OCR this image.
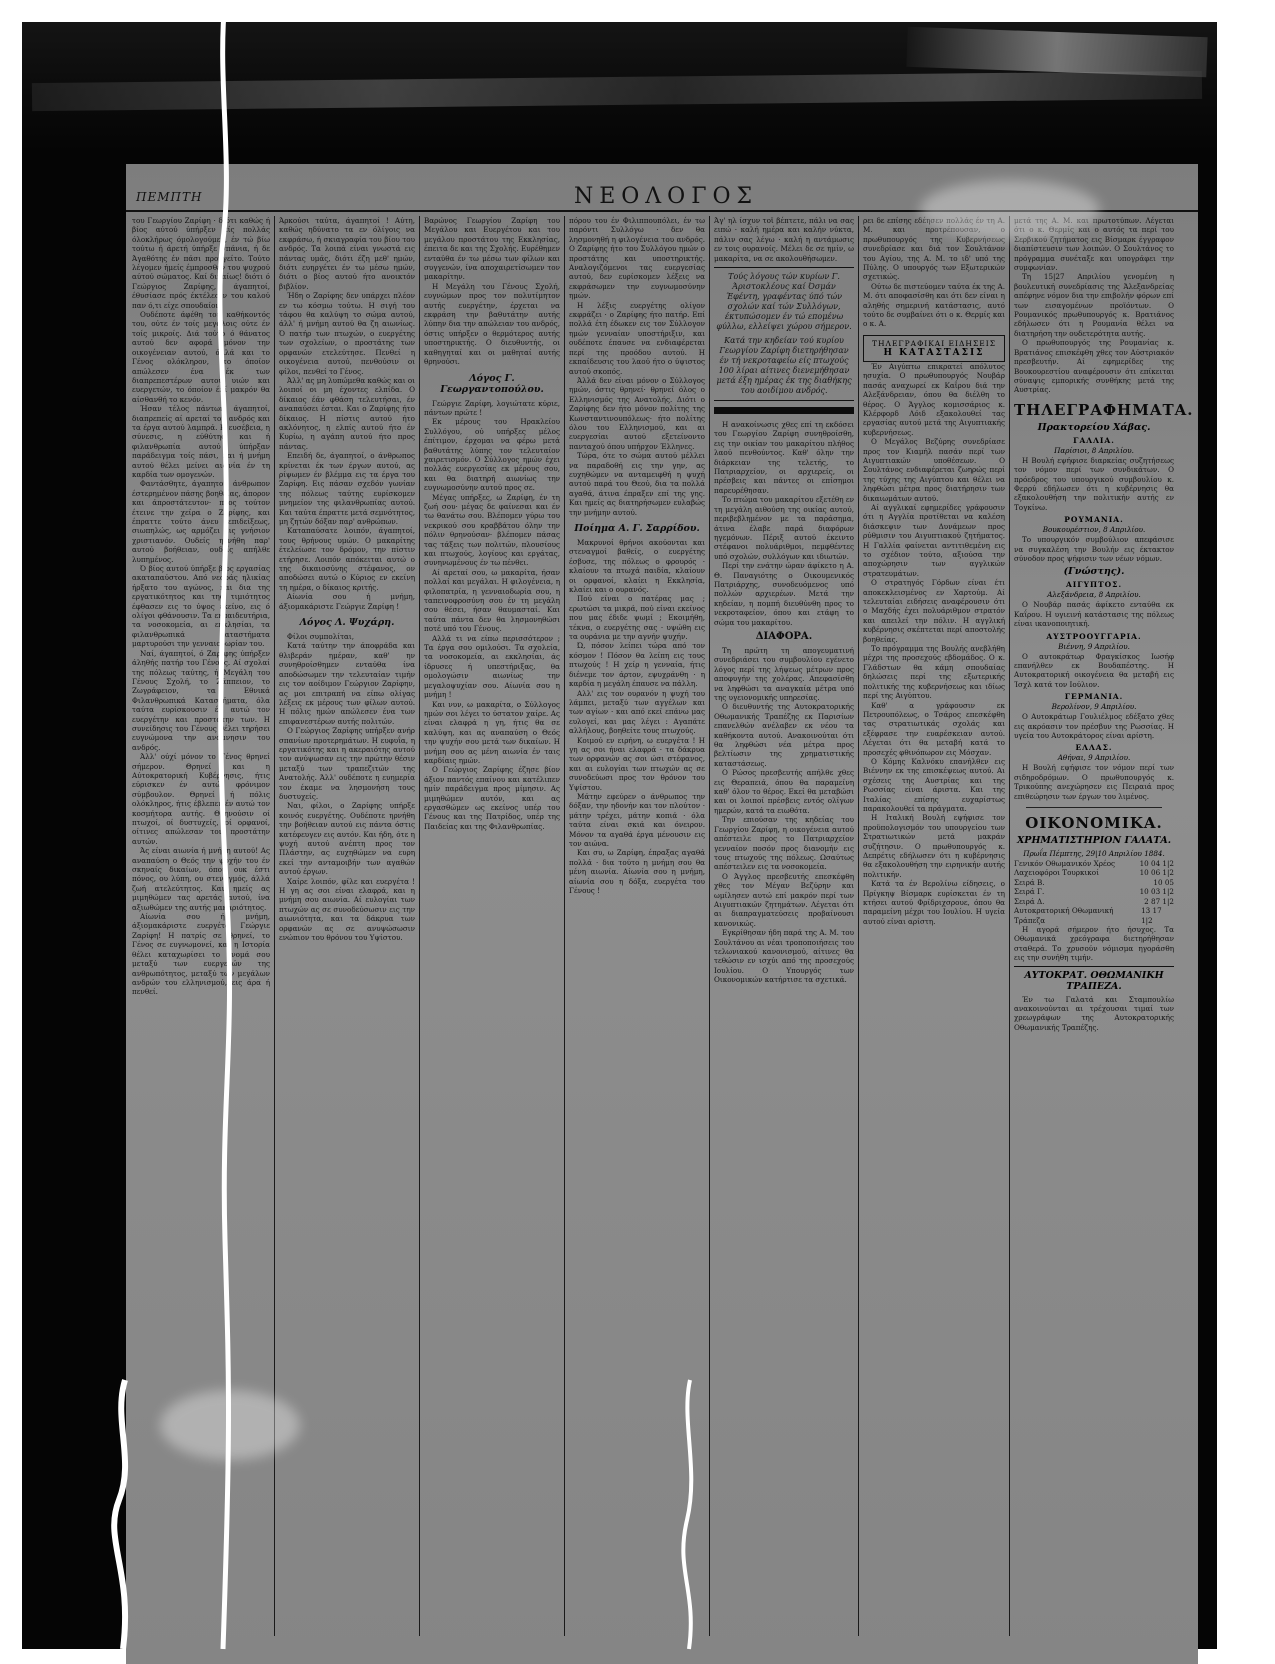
ΠΕΜΠΤΗ	ΝΕΟΛΟΓΟΣ

του Γεωργίου Ζαρίφη · διότι καθώς ή βίος αύτού ύπήρξεν είς πολλάς όλοκλήρως όμολογούμεν, έν τώ βίω τούτω ή άρετή ύπήρξε σπάνια, ή δε Άγαθότης έν πάσι προηγείτο. Τούτο λέγομεν ήμείς έμπροσθεν του ψυχρού αύτού σώματος. Καί δικαίως! διότι ό Γεώργιος Ζαρίφης, άγαπητοί, έθυσίασε πρός έκτέλεσιν του καλού παν ό,τι είχε σπουδαίον.

Ουδέποτε άφέθη τού καθήκοντός του, ούτε έν τοίς μεγάλοις ούτε έν τοίς μικροίς. Διά τούτο ό θάνατος αυτού δεν αφορά μόνον την οικογένειαν αυτού, άλλά και το Γένος ολόκληρον, το όποίον απώλεσεν ένα έκ των διαπρεπεστέρων αυτού υιών και ευεργετών, το όποίον έπί μακρόν θα αίσθανθή το κενόν.

Ήσαν τέλος πάντων, άγαπητοί, διαπρεπείς αί αρεταί του ανδρός και τα έργα αυτού λαμπρά. Η ευσέβεια, η σύνεσις, η εύθύτης και ή φιλανθρωπία αυτού ύπήρξαν παράδειγμα τοίς πάσι, και ή μνήμη αυτού θέλει μείνει αιωνία έν τη καρδία των ομογενών.

Φαντάσθητε, άγαπητοί, άνθρωπον έστερημένον πάσης βοηθείας, άπορον και άπροστάτευτον· προς τούτον έτεινε την χείρα ο Ζαρίφης, και έπραττε τούτο άνευ επιδείξεως, σιωπηλώς, ως αρμόζει εις γνήσιον χριστιανόν. Ουδείς ηρνήθη παρ' αυτού βοήθειαν, ουδείς απήλθε λυπημένος.

Ό βίος αυτού ύπήρξε βίος εργασίας ακαταπαύστου. Από νεαράς ηλικίας ήρξατο του αγώνος, και δια της εργατικότητος και της τιμιότητος έφθασεν εις το ύψος εκείνο, εις ό ολίγοι φθάνουσιν. Τα εκπαιδευτήρια, τα νοσοκομεία, αι εκκλησίαι, τα φιλανθρωπικά καταστήματα μαρτυρούσι την γενναιοδωρίαν του.

Ναί, άγαπητοί, ό Ζαρίφης ύπήρξεν άληθής πατήρ του Γένους. Αί σχολαί της πόλεως ταύτης, ή Μεγάλη του Γένους Σχολή, το Ζάππειον, το Ζωγράφειον, τα Εθνικά Φιλανθρωπικά Καταστήματα, όλα ταύτα ευρίσκουσιν έν αυτώ τον ευεργέτην και προστάτην των. Η συνείδησις του Γένους θέλει τηρήσει ευγνώμονα την ανάμνησιν του ανδρός.

Άλλ' ούχί μόνον το Γένος θρηνεί σήμερον. Θρηνεί και η Αύτοκρατορική Κυβέρνησις, ήτις εύρισκεν έν αυτώ φρόνιμον σύμβουλον. Θρηνεί ή πόλις ολόκληρος, ήτις έβλεπεν έν αυτώ τον κοσμήτορα αυτής. Θρηνούσιν οί πτωχοί, οί δυστυχείς, οί ορφανοί, οίτινες απώλεσαν τον προστάτην αυτών.

Άς είναι αιωνία ή μνήμη αυτού! Ας αναπαύση ο Θεός την ψυχήν του έν σκηναίς δικαίων, όπου ουκ έστι πόνος, ου λύπη, ου στεναγμός, άλλά ζωή ατελεύτητος. Και ημείς ας μιμηθώμεν τας αρετάς αυτού, ίνα αξιωθώμεν της αυτής μακαριότητος.

Αίωνία σου ή μνήμη, άξιομακάριστε ευεργέτα Γεώργιε Ζαρίφη! Η πατρίς σε θρηνεί, το Γένος σε ευγνωμονεί, και η Ιστορία θέλει καταχωρίσει το όνομά σου μεταξύ των ευεργετών της ανθρωπότητος, μεταξύ των μεγάλων ανδρών του ελληνισμού, εις άρα ή πενθεί.

Άρκούσι ταύτα, άγαπητοί ! Αύτη, καθώς ηδύνατο τα εν όλίγοις να εκφράσω, ή σκιαγραφία του βίου του ανδρός. Τα λοιπά είναι γνωστά εις πάντας υμάς, διότι έζη μεθ' ημών, διότι ευηργέτει έν τω μέσω ημών, διότι ο βίος αυτού ήτο ανοικτόν βιβλίον.

Ήδη ο Ζαρίφης δεν υπάρχει πλέον εν τω κόσμω τούτω. Η σιγή του τάφου θα καλύψη το σώμα αυτού, άλλ' ή μνήμη αυτού θα ζη αιωνίως. Ό πατήρ των πτωχών, ο ευεργέτης των σχολείων, ο προστάτης των ορφανών ετελεύτησε. Πενθεί η οικογένεια αυτού, πενθούσιν οι φίλοι, πενθεί το Γένος.

Άλλ' ας μη λυπώμεθα καθώς και οι λοιποί οι μη έχοντες ελπίδα. Ο δίκαιος έάν φθάση τελευτήσαι, έν αναπαύσει έσται. Και ο Ζαρίφης ήτο δίκαιος. Η πίστις αυτού ήτο ακλόνητος, η ελπίς αυτού ήτο έν Κυρίω, η αγάπη αυτού ήτο προς πάντας.

Επειδή δε, άγαπητοί, ο άνθρωπος κρίνεται έκ των έργων αυτού, ας ρίψωμεν έν βλέμμα εις τα έργα του Ζαρίφη. Εις πάσαν σχεδόν γωνίαν της πόλεως ταύτης ευρίσκομεν μνημείον της φιλανθρωπίας αυτού. Και ταύτα έπραττε μετά σεμνότητος, μη ζητών δόξαν παρ' ανθρώπων.

Καταπαύσατε λοιπόν, άγαπητοί, τους θρήνους υμών. Ο μακαρίτης έτελείωσε τον δρόμον, την πίστιν ετήρησε. Λοιπόν απόκειται αυτώ ο της δικαιοσύνης στέφανος, ον αποδώσει αυτώ ο Κύριος εν εκείνη τη ημέρα, ο δίκαιος κριτής.

Αίωνία σου ή μνήμη, άξιομακάριστε Γεώργιε Ζαρίφη !

Λόγος Λ. Ψυχάρη.

Φίλοι συμπολίται,

Κατά ταύτην την άποφράδα και θλιβεράν ημέραν, καθ' ην συνηθροίσθημεν ενταύθα ίνα αποδώσωμεν την τελευταίαν τιμήν εις τον αοίδιμον Γεώργιον Ζαρίφην, ας μοι επιτραπή να είπω ολίγας λέξεις εκ μέρους των φίλων αυτού. Η πόλις ημών απώλεσεν ένα των επιφανεστέρων αυτής πολιτών.

Ο Γεώργιος Ζαρίφης υπήρξεν ανήρ σπανίων προτερημάτων. Η ευφυΐα, η εργατικότης και η ακεραιότης αυτού τον ανύψωσαν εις την πρώτην θέσιν μεταξύ των τραπεζιτών της Ανατολής. Άλλ' ουδέποτε η ευημερία τον έκαμε να λησμονήση τους δυστυχείς.

Ναι, φίλοι, ο Ζαρίφης υπήρξε κοινός ευεργέτης. Ουδέποτε ηρνήθη την βοήθειαν αυτού εις πάντα όστις κατέφευγεν εις αυτόν. Και ήδη, ότε η ψυχή αυτού ανέπτη προς τον Πλάστην, ας ευχηθώμεν να ευρη εκεί την ανταμοιβήν των αγαθών αυτού έργων.

Χαίρε λοιπόν, φίλε και ευεργέτα ! Η γη ας σοι είναι ελαφρά, και η μνήμη σου αιωνία. Αί ευλογίαι των πτωχών ας σε συνοδεύσωσιν εις την αιωνιότητα, και τα δάκρυα των ορφανών ας σε ανυψώσωσιν ενώπιον του θρόνου του Υψίστου.

Βαρώνος Γεωργίου Ζαρίφη του Μεγάλου και Ευεργέτου και του μεγάλου προστάτου της Εκκλησίας, έπειτα δε και της Σχολής. Ευρέθημεν ενταύθα έν τω μέσω των φίλων και συγγενών, ίνα αποχαιρετίσωμεν τον μακαρίτην.

Η Μεγάλη του Γένους Σχολή, ευγνώμων προς τον πολυτίμητον αυτής ευεργέτην, έρχεται να εκφράση την βαθυτάτην αυτής λύπην δια την απώλειαν του ανδρός, όστις υπήρξεν ο θερμότερος αυτής υποστηρικτής. Ο διευθυντής, οι καθηγηταί και οι μαθηταί αυτής θρηνούσι.

Λόγος Γ. Γεωργαντοπούλου.

Γεώργιε Ζαρίφη, λογιώτατε κύριε, πάντων πρώτε !

Εκ μέρους του Ηρακλείου Συλλόγου, ού υπήρξες μέλος έπίτιμον, έρχομαι να φέρω μετά βαθυτάτης λύπης τον τελευταίον χαιρετισμόν. Ο Σύλλογος ημών έχει πολλάς ευεργεσίας εκ μέρους σου, και θα διατηρή αιωνίως την ευγνωμοσύνην αυτού προς σε.

Μέγας υπήρξες, ω Ζαρίφη, έν τη ζωή σου· μέγας δε φαίνεσαι και έν τω θανάτω σου. Βλέπομεν γύρω του νεκρικού σου κραββάτου όλην την πόλιν θρηνούσαν· βλέπομεν πάσας τας τάξεις των πολιτών, πλουσίους και πτωχούς, λογίους και εργάτας, συνηνωμένους έν τω πένθει.

Αί αρεταί σου, ω μακαρίτα, ήσαν πολλαί και μεγάλαι. Η φιλογένεια, η φιλοπατρία, η γενναιοδωρία σου, η ταπεινοφροσύνη σου έν τη μεγάλη σου θέσει, ήσαν θαυμασταί. Και ταύτα πάντα δεν θα λησμονηθώσι ποτέ υπό του Γένους.

Αλλά τι να είπω περισσότερον ; Τα έργα σου ομιλούσι. Τα σχολεία, τα νοσοκομεία, αι εκκλησίαι, άς ίδρυσες ή υπεστήριξας, θα ομολογώσιν αιωνίως την μεγαλοψυχίαν σου. Αίωνία σου η μνήμη !

Και νυν, ω μακαρίτα, ο Σύλλογος ημών σοι λέγει το ύστατον χαίρε. Ας είναι ελαφρά η γη, ήτις θα σε καλύψη, και ας αναπαύση ο Θεός την ψυχήν σου μετά των δικαίων. Η μνήμη σου ας μένη αιωνία έν ταις καρδίαις ημών.

Ο Γεώργιος Ζαρίφης έζησε βίον άξιον παντός επαίνου και κατέλιπεν ημίν παράδειγμα προς μίμησιν. Ας μιμηθώμεν αυτόν, και ας εργασθώμεν ως εκείνος υπέρ του Γένους και της Πατρίδος, υπέρ της Παιδείας και της Φιλανθρωπίας.

πόρου του έν Φιλιππουπόλει, έν τω παρόντι Συλλόγω · δεν θα λησμονηθή η φιλογένεια του ανδρός. Ο Ζαρίφης ήτο του Συλλόγου ημών ο προστάτης και υποστηρικτής. Αναλογιζόμενοι τας ευεργεσίας αυτού, δεν ευρίσκομεν λέξεις να εκφράσωμεν την ευγνωμοσύνην ημών.

Η λέξις ευεργέτης ολίγον εκφράζει · ο Ζαρίφης ήτο πατήρ. Επί πολλά έτη έδωκεν εις τον Σύλλογον ημών γενναίαν υποστήριξιν, και ουδέποτε έπαυσε να ενδιαφέρεται περί της προόδου αυτού. Η εκπαίδευσις του λαού ήτο ο ύψιστος αυτού σκοπός.

Άλλά δεν είναι μόνον ο Σύλλογος ημών, όστις θρηνεί· θρηνεί όλος ο Ελληνισμός της Ανατολής. Διότι ο Ζαρίφης δεν ήτο μόνον πολίτης της Κωνσταντινουπόλεως· ήτο πολίτης όλου του Ελληνισμού, και αι ευεργεσίαι αυτού εξετείνοντο πανταχού όπου υπήρχον Έλληνες.

Τώρα, ότε το σώμα αυτού μέλλει να παραδοθή εις την γην, ας ευχηθώμεν να ανταμειφθή η ψυχή αυτού παρά του Θεού, δια τα πολλά αγαθά, άτινα έπραξεν επί της γης. Και ημείς ας διατηρήσωμεν ευλαβώς την μνήμην αυτού.

Ποίημα Α. Γ. Σαρρίδου.

Μακρυνοί θρήνοι ακούονται και στεναγμοί βαθείς, ο ευεργέτης έσβυσε, της πόλεως ο φρουρός · κλαίουν τα πτωχά παιδία, κλαίουν οι ορφανοί, κλαίει η Εκκλησία, κλαίει και ο ουρανός.

Πού είναι ο πατέρας μας ; ερωτώσι τα μικρά, πού είναι εκείνος που μας έδιδε ψωμί ; Εκοιμήθη, τέκνα, ο ευεργέτης σας · υψώθη εις τα ουράνια με την αγνήν ψυχήν.

Ώ, πόσον λείπει τώρα από τον κόσμον ! Πόσον θα λείπη εις τους πτωχούς ! Η χείρ η γενναία, ήτις διένεμε τον άρτον, εψυχράνθη · η καρδία η μεγάλη έπαυσε να πάλλη.

Αλλ' εις τον ουρανόν η ψυχή του λάμπει, μεταξύ των αγγέλων και των αγίων · και από εκεί επάνω μας ευλογεί, και μας λέγει : Αγαπάτε αλλήλους, βοηθείτε τους πτωχούς.

Κοιμού εν ειρήνη, ω ευεργέτα ! Η γη ας σοι ήναι ελαφρά · τα δάκρυα των ορφανών ας σοι ώσι στέφανος, και αι ευλογίαι των πτωχών ας σε συνοδεύωσι προς τον θρόνον του Υψίστου.

Μάτην εφεύρεν ο άνθρωπος την δόξαν, την ηδονήν και τον πλούτον · μάτην τρέχει, μάτην κοπιά · όλα ταύτα είναι σκιά και όνειρον. Μόνον τα αγαθά έργα μένουσιν εις τον αιώνα.

Και συ, ω Ζαρίφη, έπραξας αγαθά πολλά · δια τούτο η μνήμη σου θα μένη αιωνία. Αίωνία σου η μνήμη, αίωνία σου η δόξα, ευεργέτα του Γένους !

Άγ' ηλ ίσχυν τοϊ βέπτετε, πάλι να σας ειπώ · καλή ημέρα και καλήν νύκτα, πάλιν σας λέγω · καλή η αντάμωσις εν τοις ουρανοίς. Μέλει δε σε ημίν, ω μακαρίτα, να σε ακολουθήσωμεν.

Τούς λόγους τών κυρίων Γ. Άριστοκλέους καί Όσμάν Έφέντη, γραφέντας ύπό τών σχολών καί τών Συλλόγων, έκτυπώσομεν έν τώ επομένω φύλλω, ελλείψει χώρου σήμερον.

Κατά την κηδείαν τού κυρίου Γεωργίου Ζαρίφη διετηρήθησαν έν τή νεκροταφείω είς πτωχούς 100 λίραι αίτινες διενεμήθησαν μετά έξη ημέρας έκ της διαθήκης του αοιδίμου ανδρός.

Η ανακοίνωσις χθες επί τη εκδόσει του Γεωργίου Ζαρίφη συνηθροίσθη, εις την οικίαν του μακαρίτου πλήθος λαού πενθούντος. Καθ' όλην την διάρκειαν της τελετής, το Πατριαρχείον, οι αρχιερείς, οι πρέσβεις και πάντες οι επίσημοι παρευρέθησαν.

Το πτώμα του μακαρίτου εξετέθη εν τη μεγάλη αιθούση της οικίας αυτού, περιβεβλημένον με τα παράσημα, άτινα έλαβε παρά διαφόρων ηγεμόνων. Πέριξ αυτού έκειντο στέφανοι πολυάριθμοι, πεμφθέντες υπό σχολών, συλλόγων και ιδιωτών.

Περί την ενάτην ώραν άφίκετο η Α. Θ. Παναγιότης ο Οικουμενικός Πατριάρχης, συνοδευόμενος υπό πολλών αρχιερέων. Μετά την κηδείαν, η πομπή διευθύνθη προς το νεκροταφείον, όπου και ετάφη το σώμα του μακαρίτου.

ΔΙΑΦΟΡΑ.

Τη πρώτη τη απογευματινή συνεδριάσει του συμβουλίου εγένετο λόγος περί της λήψεως μέτρων προς αποφυγήν της χολέρας. Απεφασίσθη να ληφθώσι τα αναγκαία μέτρα υπό της υγειονομικής υπηρεσίας.

Ο διευθυντής της Αυτοκρατορικής Οθωμανικής Τραπέζης εκ Παρισίων επανελθών ανέλαβεν εκ νέου τα καθήκοντα αυτού. Ανακοινούται ότι θα ληφθώσι νέα μέτρα προς βελτίωσιν της χρηματιστικής καταστάσεως.

Ο Ρώσος πρεσβευτής απήλθε χθες εις Θεραπειά, όπου θα παραμείνη καθ' όλον το θέρος. Εκεί θα μεταβώσι και οι λοιποί πρέσβεις εντός ολίγων ημερών, κατά τα ειωθότα.

Την επιούσαν της κηδείας του Γεωργίου Ζαρίφη, η οικογένεια αυτού απέστειλε προς το Πατριαρχείον γενναίον ποσόν προς διανομήν εις τους πτωχούς της πόλεως. Ωσαύτως απέστειλεν εις τα νοσοκομεία.

Ο Άγγλος πρεσβευτής επεσκέφθη χθες τον Μέγαν Βεζύρην και ωμίλησεν αυτώ επί μακρόν περί των Αιγυπτιακών ζητημάτων. Λέγεται ότι αι διαπραγματεύσεις προβαίνουσι κανονικώς.

Εγκρίθησαν ήδη παρά της Α. Μ. του Σουλτάνου αι νέαι τροποποιήσεις του τελωνιακού κανονισμού, αίτινες θα τεθώσιν εν ισχύι από της προσεχούς Ιουλίου. Ο Υπουργός των Οικονομικών κατήρτισε τα σχετικά.

ρει δε επίσης εδέησεν πολλάς έν τη Α. Μ. και προτρέπουσαν, ο πρωθυπουργός της Κυβερνήσεως συνεδρίασε και διά τον Σουλτάνον του Αγίου, της Α. Μ. το ιδ' υπό της Πύλης. Ο υπουργός των Εξωτερικών σχετικώς.

Ούτω δε πιστεύομεν ταύτα έκ της Α. Μ. ότι αποφασίσθη και ότι δεν είναι η αληθής σημερινή κατάστασις, αυτό τούτο δε συμβαίνει ότι ο κ. Θερμίς και ο κ. Α.

ΤΗΛΕΓΡΑΦΙΚΑΙ ΕΙΔΗΣΕΙΣ
Η ΚΑΤΑΣΤΑΣΙΣ

Έν Αιγύπτω επικρατεί απόλυτος ησυχία. Ο πρωθυπουργός Νουβάρ πασάς αναχωρεί εκ Καΐρου διά την Αλεξάνδρειαν, όπου θα διέλθη το θέρος. Ο Άγγλος κομισσάριος κ. Κλέρφορδ Λόιδ εξακολουθεί τας εργασίας αυτού μετά της Αιγυπτιακής κυβερνήσεως.

Ο Μεγάλος Βεζύρης συνεδρίασε προς τον Κιαμήλ πασάν περί των Αιγυπτιακών υποθέσεων. Ο Σουλτάνος ενδιαφέρεται ζωηρώς περί της τύχης της Αιγύπτου και θέλει να ληφθώσι μέτρα προς διατήρησιν των δικαιωμάτων αυτού.

Αί αγγλικαί εφημερίδες γράφουσιν ότι η Αγγλία προτίθεται να καλέση διάσκεψιν των Δυνάμεων προς ρύθμισιν του Αιγυπτιακού ζητήματος. Η Γαλλία φαίνεται αντιτιθεμένη εις το σχέδιον τούτο, αξιούσα την αποχώρησιν των αγγλικών στρατευμάτων.

Ο στρατηγός Γόρδων είναι έτι αποκεκλεισμένος εν Χαρτούμ. Αί τελευταίαι ειδήσεις αναφέρουσιν ότι ο Μαχδής έχει πολυάριθμον στρατόν και απειλεί την πόλιν. Η αγγλική κυβέρνησις σκέπτεται περί αποστολής βοηθείας.

Το πρόγραμμα της Βουλής ανεβλήθη μέχρι της προσεχούς εβδομάδος. Ο κ. Γλάδστων θα κάμη σπουδαίας δηλώσεις περί της εξωτερικής πολιτικής της κυβερνήσεως και ιδίως περί της Αιγύπτου.

Καθ' α γράφουσιν εκ Πετρουπόλεως, ο Τσάρος επεσκέφθη τας στρατιωτικάς σχολάς και εξέφρασε την ευαρέσκειαν αυτού. Λέγεται ότι θα μεταβή κατά το προσεχές φθινόπωρον εις Μόσχαν.

Ο Κόμης Καλνόκυ επανήλθεν εις Βιέννην εκ της επισκέψεως αυτού. Αι σχέσεις της Αυστρίας και της Ρωσσίας είναι άριστα. Και της Ιταλίας επίσης ευχαρίστως παρακολουθεί τα πράγματα.

Η Ιταλική Βουλή εψήφισε τον προϋπολογισμόν του υπουργείου των Στρατιωτικών μετά μακράν συζήτησιν. Ο πρωθυπουργός κ. Δεπρέτις εδήλωσεν ότι η κυβέρνησις θα εξακολουθήση την ειρηνικήν αυτής πολιτικήν.

Κατά τα έν Βερολίνω είδησεις, ο Πρίγκηψ Βίσμαρκ ευρίσκεται έν τη κτήσει αυτού Φρίδριχσρουε, όπου θα παραμείνη μέχρι του Ιουλίου. Η υγεία αυτού είναι αρίστη.

μετά της Α. Μ. και πρωτοτύπων. Λέγεται ότι ο κ. Θερμίς και ο αυτός τα περί του Σερβικού ζητήματος εις Βίσμαρκ έγγραφον διαπίστευσιν των λοιπών. Ο Σουλτάνος το πρόγραμμα συνέταξε και υπογράφει την συμφωνίαν.

Τη 15|27 Απριλίου γενομένη η βουλευτική συνεδρίασις της Άλεξανδρείας απέφηνε νόμον δια την επιβολήν φόρων επί των εισαγομένων προϊόντων. Ο Ρουμανικός πρωθυπουργός κ. Βρατιάνος εδήλωσεν ότι η Ρουμανία θέλει να διατηρήση την ουδετερότητα αυτής.

Ο πρωθυπουργός της Ρουμανίας κ. Βρατιάνος επισκέφθη χθες τον Αύστριακόν πρεσβευτήν. Αί εφημερίδες της Βουκουρεστίου αναφέρουσιν ότι επίκειται σύναψις εμπορικής συνθήκης μετά της Αυστρίας.

ΤΗΛΕΓΡΑΦΗΜΑΤΑ.
Πρακτορείου Χάβας.
ΓΑΛΛΙΑ.
Παρίσιοι, 8 Απριλίου.

Η Βουλή εψήφισε διαρκείας συζητήσεως τον νόμον περί των συνδικάτων. Ο πρόεδρος του υπουργικού συμβουλίου κ. Φερρύ εδήλωσεν ότι η κυβέρνησις θα εξακολουθήση την πολιτικήν αυτής εν Τογκίνω.

ΡΟΥΜΑΝΙΑ.
Βουκουρέστιον, 8 Απριλίου.

Το υπουργικόν συμβούλιον απεφάσισε να συγκαλέση την Βουλήν εις έκτακτον σύνοδον προς ψήφισιν των νέων νόμων.

(Γνώστης).
ΑΙΓΥΠΤΟΣ.
Αλεξάνδρεια, 8 Απριλίου.

Ο Νουβάρ πασάς άφίκετο ενταύθα εκ Καΐρου. Η υγιεινή κατάστασις της πόλεως είναι ικανοποιητική.

ΑΥΣΤΡΟΟΥΓΓΑΡΙΑ.
Βιέννη, 9 Απριλίου.

Ο αυτοκράτωρ Φραγκίσκος Ιωσήφ επανήλθεν εκ Βουδαπέστης. Η Αυτοκρατορική οικογένεια θα μεταβή εις Ίσχλ κατά τον Ιούλιον.

ΓΕΡΜΑΝΙΑ.
Βερολίνον, 9 Απριλίου.

Ο Αυτοκράτωρ Γουλιέλμος εδέξατο χθες εις ακρόασιν τον πρέσβυν της Ρωσσίας. Η υγεία του Αυτοκράτορος είναι αρίστη.

ΕΛΛΑΣ.
Αθήναι, 9 Απριλίου.

Η Βουλή εψήφισε τον νόμον περί των σιδηροδρόμων. Ο πρωθυπουργός κ. Τρικούπης ανεχώρησεν εις Πειραιά προς επιθεώρησιν των έργων του λιμένος.

ΟΙΚΟΝΟΜΙΚΑ.
ΧΡΗΜΑΤΙΣΤΗΡΙΟΝ ΓΑΛΑΤΑ.
Πρωΐα Πέμπτης, 29|10 Απριλίου 1884.
Γενικόν Οθωμανικόν Χρέος	10 04 1|2
Λαχειοφόροι Τουρκικοί	10 06 1|2
Σειρά Β.	10 05
Σειρά Γ.	10 03 1|2
Σειρά Δ.	2 87 1|2
Αυτοκρατορική Οθωμανική Τράπεζα
13 17 1|2

Η αγορά σήμερον ήτο ήσυχος. Τα Οθωμανικά χρεόγραφα διετηρήθησαν σταθερά. Το χρυσούν νόμισμα ηγοράσθη εις την συνήθη τιμήν.

ΑΥΤΟΚΡΑΤ. ΟΘΩΜΑΝΙΚΗ ΤΡΑΠΕΖΑ.

Έν τω Γαλατά και Σταμπουλίω ανακοινούνται αι τρέχουσαι τιμαί των χρεωγράφων της Αυτοκρατορικής Οθωμανικής Τραπέζης.
